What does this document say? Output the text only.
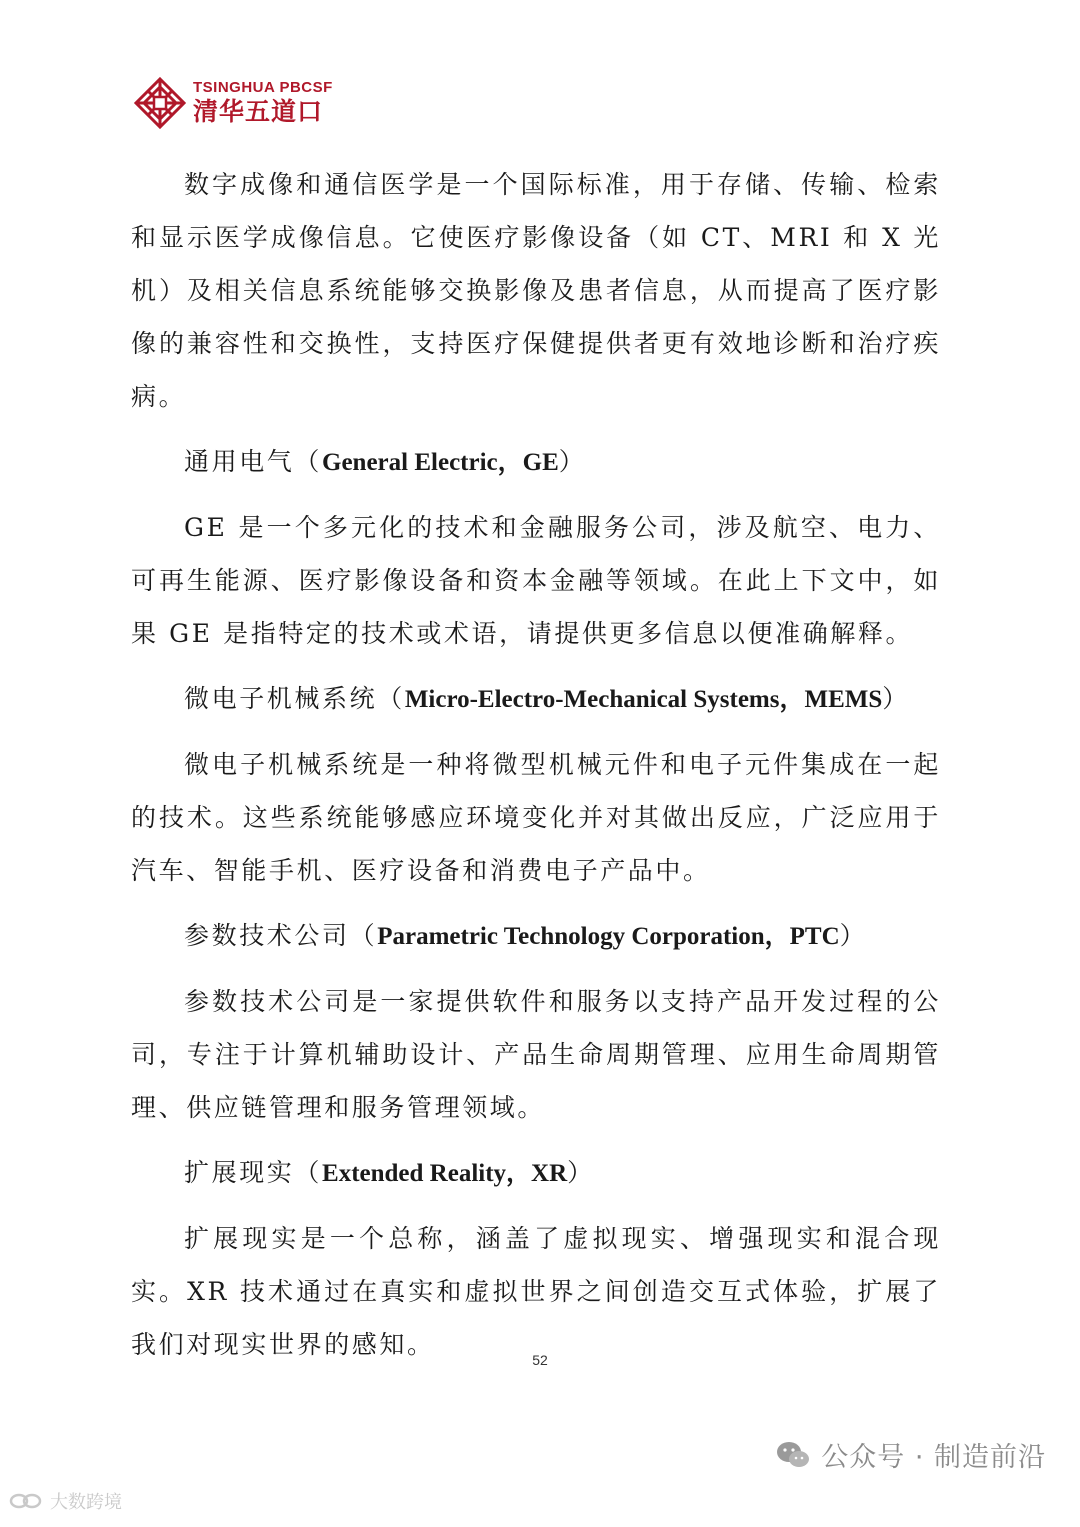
TSINGHUA PBCSF
清华五道口

数字成像和通信医学是一个国际标准，用于存储、传输、检索和显示医学成像信息。它使医疗影像设备（如 CT、MRI 和 X 光机）及相关信息系统能够交换影像及患者信息，从而提高了医疗影像的兼容性和交换性，支持医疗保健提供者更有效地诊断和治疗疾病。

通用电气（General Electric，GE）

GE 是一个多元化的技术和金融服务公司，涉及航空、电力、可再生能源、医疗影像设备和资本金融等领域。在此上下文中，如果 GE 是指特定的技术或术语，请提供更多信息以便准确解释。

微电子机械系统（Micro-Electro-Mechanical Systems，MEMS）

微电子机械系统是一种将微型机械元件和电子元件集成在一起的技术。这些系统能够感应环境变化并对其做出反应，广泛应用于汽车、智能手机、医疗设备和消费电子产品中。

参数技术公司（Parametric Technology Corporation，PTC）

参数技术公司是一家提供软件和服务以支持产品开发过程的公司，专注于计算机辅助设计、产品生命周期管理、应用生命周期管理、供应链管理和服务管理领域。

扩展现实（Extended Reality，XR）

扩展现实是一个总称，涵盖了虚拟现实、增强现实和混合现实。XR 技术通过在真实和虚拟世界之间创造交互式体验，扩展了我们对现实世界的感知。

52
大数跨境
公众号 · 制造前沿
